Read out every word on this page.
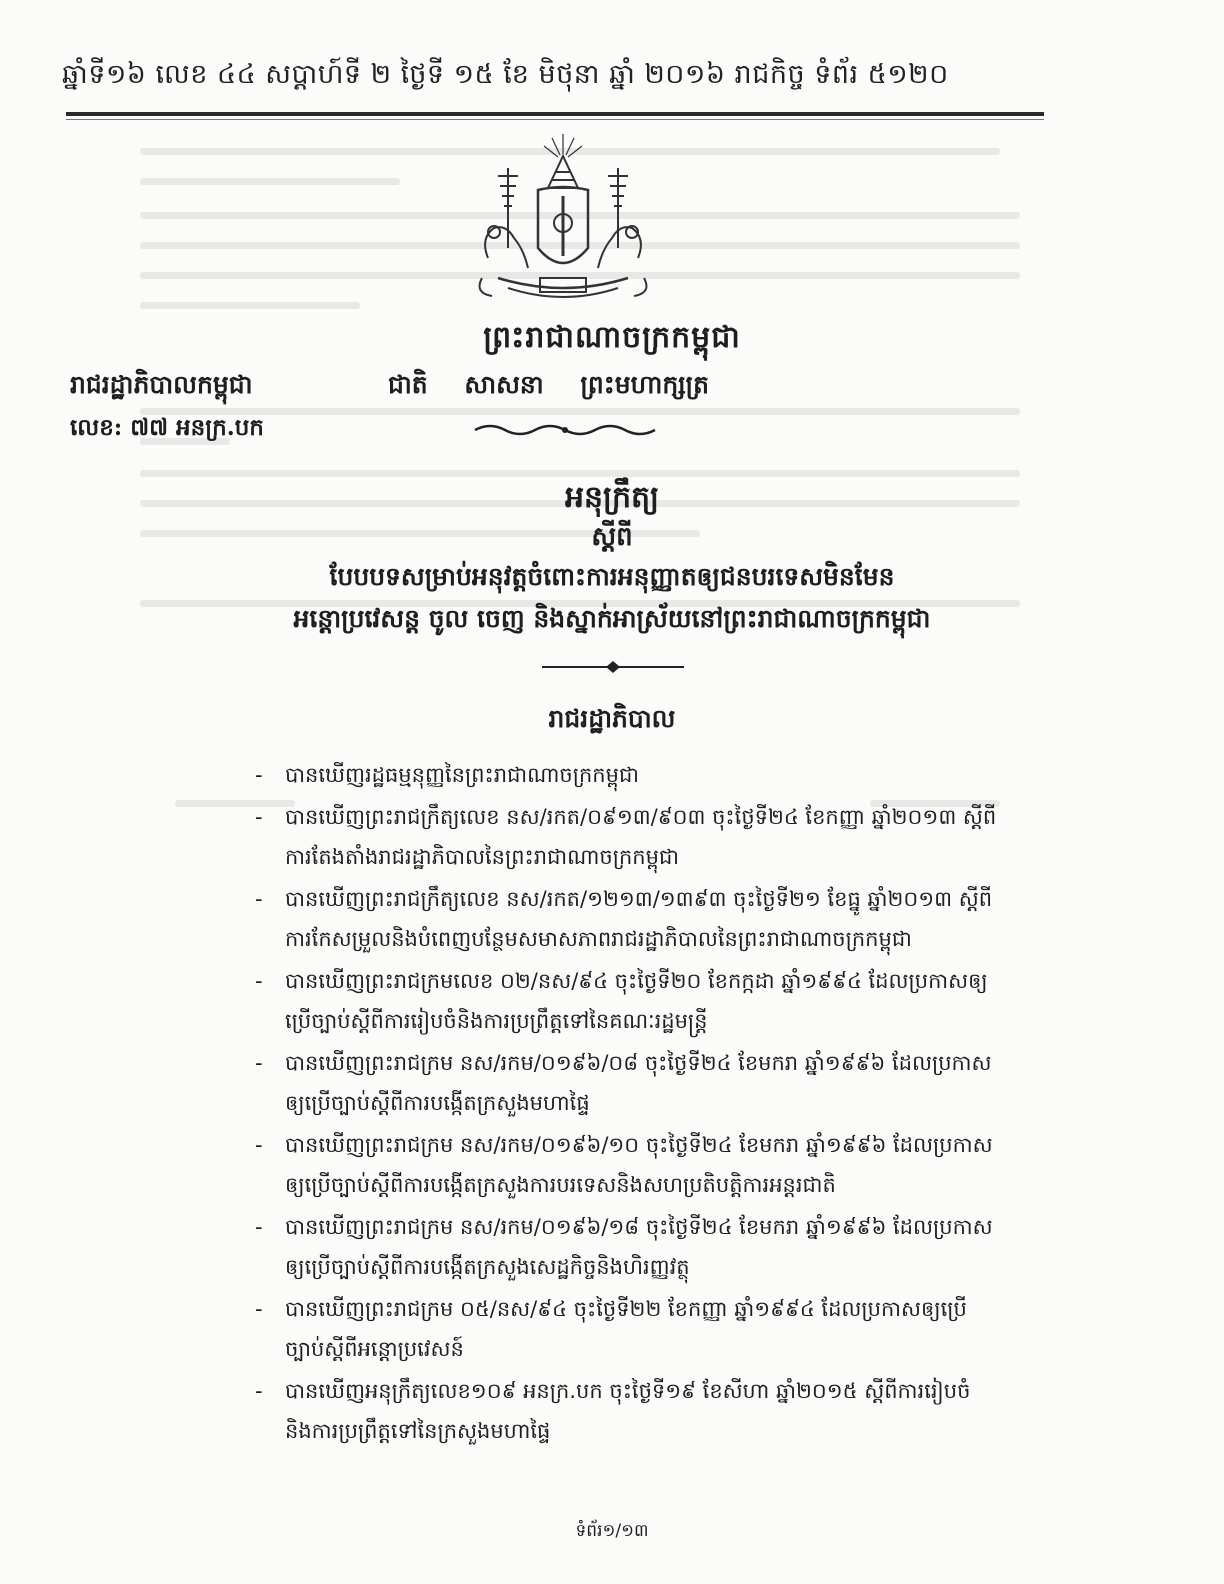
ឆ្នាំទី១៦ លេខ ៤៤ សប្តាហ៍ទី ២ ថ្ងៃទី ១៥ ខែ មិថុនា ឆ្នាំ ២០១៦ រាជកិច្ច ទំព័រ ៥១២០
ព្រះរាជាណាចក្រកម្ពុជា
រាជរដ្ឋាភិបាលកម្ពុជា	ជាតិ សាសនា ព្រះមហាក្សត្រ
លេខ: ៧៧ អនក្រ.បក
អនុក្រឹត្យ
ស្តីពី
បែបបទសម្រាប់អនុវត្តចំពោះការអនុញ្ញាតឲ្យជនបរទេសមិនមែន
អន្តោប្រវេសន្ត ចូល ចេញ និងស្នាក់អាស្រ័យនៅព្រះរាជាណាចក្រកម្ពុជា
រាជរដ្ឋាភិបាល
- បានឃើញរដ្ឋធម្មនុញ្ញនៃព្រះរាជាណាចក្រកម្ពុជា
- បានឃើញព្រះរាជក្រឹត្យលេខ នស/រកត/០៩១៣/៩០៣ ចុះថ្ងៃទី២៤ ខែកញ្ញា ឆ្នាំ២០១៣ ស្តីពី
ការតែងតាំងរាជរដ្ឋាភិបាលនៃព្រះរាជាណាចក្រកម្ពុជា
- បានឃើញព្រះរាជក្រឹត្យលេខ នស/រកត/១២១៣/១៣៩៣ ចុះថ្ងៃទី២១ ខែធ្នូ ឆ្នាំ២០១៣ ស្តីពី
ការកែសម្រួលនិងបំពេញបន្ថែមសមាសភាពរាជរដ្ឋាភិបាលនៃព្រះរាជាណាចក្រកម្ពុជា
- បានឃើញព្រះរាជក្រមលេខ ០២/នស/៩៤ ចុះថ្ងៃទី២០ ខែកក្កដា ឆ្នាំ១៩៩៤ ដែលប្រកាសឲ្យ
ប្រើច្បាប់ស្តីពីការរៀបចំនិងការប្រព្រឹត្តទៅនៃគណៈរដ្ឋមន្ត្រី
- បានឃើញព្រះរាជក្រម នស/រកម/០១៩៦/០៨ ចុះថ្ងៃទី២៤ ខែមករា ឆ្នាំ១៩៩៦ ដែលប្រកាស
ឲ្យប្រើច្បាប់ស្តីពីការបង្កើតក្រសួងមហាផ្ទៃ
- បានឃើញព្រះរាជក្រម នស/រកម/០១៩៦/១០ ចុះថ្ងៃទី២៤ ខែមករា ឆ្នាំ១៩៩៦ ដែលប្រកាស
ឲ្យប្រើច្បាប់ស្តីពីការបង្កើតក្រសួងការបរទេសនិងសហប្រតិបត្តិការអន្តរជាតិ
- បានឃើញព្រះរាជក្រម នស/រកម/០១៩៦/១៨ ចុះថ្ងៃទី២៤ ខែមករា ឆ្នាំ១៩៩៦ ដែលប្រកាស
ឲ្យប្រើច្បាប់ស្តីពីការបង្កើតក្រសួងសេដ្ឋកិច្ចនិងហិរញ្ញវត្ថុ
- បានឃើញព្រះរាជក្រម ០៥/នស/៩៤ ចុះថ្ងៃទី២២ ខែកញ្ញា ឆ្នាំ១៩៩៤ ដែលប្រកាសឲ្យប្រើ
ច្បាប់ស្តីពីអន្តោប្រវេសន៍
- បានឃើញអនុក្រឹត្យលេខ១០៩ អនក្រ.បក ចុះថ្ងៃទី១៩ ខែសីហា ឆ្នាំ២០១៥ ស្តីពីការរៀបចំ
និងការប្រព្រឹត្តទៅនៃក្រសួងមហាផ្ទៃ
ទំព័រ១/១៣
